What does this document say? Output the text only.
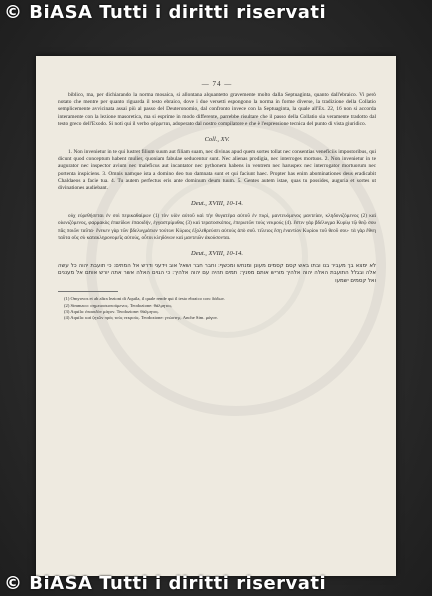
— 74 —

biblico, ma, per dichiarando la norma mosaica, si allontana alquantetto gravemente molto dalla Septuaginta, quanto dall'ebraico. Vi però notato che mentre per quanto riguarda il testo ebraico, dove i due versetti espongono la norma in forme diverse, la tradizione della Collatio semplicemente avvicinata assai più al passo del Deuteronomio, dal confronto invece con la Septuaginta, la quale all'Ex. 22, 16 non si accorda interamente con la lezione masoretica, ma si esprime in modo differente, parrebbe risultare che il passo della Collatio sia veramente tradotto dal testo greco dell'Exodo. Si noti qui il verbo φέρρεται, adoperato dal nostro compilatore e che è l'espressione tecnica del punto di vista giuridico.

Coll., XV.

1. Non invenietur in te qui lustret filium suum aut filiam suam, nec divinas apud quem sortes tollat nec consentias veneficiis impostoribus, qui dicunt quod conceptum habent mulier, quoniam fabulae seducentur sunt. Nec alienas prodigia, nec interroges mortuos. 2. Non invenietur in te augurator nec inspector avium nec maleficus aut incantator nec pythonem habens in ventrem nec haruspex nec interrogator mortuorum nec portenta inspiciens. 3. Omnis namque ista a domino deo tuo damnata sunt et qui faciunt haec. Propter has enim abominationes deus eradicabit Chaldaeos a facie tua. 4. Tu autem perfectus eris ante dominum deum tuum. 5. Gentes autem istae, quas tu possides, auguria et sortes ut divinationes audiebant.

Deut., XVIII, 10-14.

οὐχ εὑρεθήσεται ἐν σοὶ περικαθαίρων (1) τὸν υἱὸν αὐτοῦ καὶ τὴν θυγατέρα αὐτοῦ ἐν πυρί, μαντευόμενος μαντείαν, κληδονιζόμενος (2) καὶ οἰωνιζόμενος, φαρμακὸς ἐπαείδων ἐπαοιδήν, ἐγγαστρίμυθος (3) καὶ τερατοσκόπος, ἐπερωτῶν τοὺς νεκρούς (4). ἔστιν γὰρ βδέλυγμα Κυρίῳ τῷ θεῷ σου πᾶς ποιῶν ταῦτα· ἕνεκεν γὰρ τῶν βδελυγμάτων τούτων Κύριος ἐξολεθρεύσει αὐτοὺς ἀπὸ σοῦ. τέλειος ἔσῃ ἐναντίον Κυρίου τοῦ θεοῦ σου· τὰ γὰρ ἔθνη ταῦτα οὓς σὺ κατακληρονομεῖς αὐτούς, οὗτοι κληδόνων καὶ μαντειῶν ἀκούσονται.

Deut., XVIII, 10-14.

לא ימצא בך מעביר בנו ובתו באש קסם קסמים מעונן ומנחש ומכשף: וחבר חבר ושאל אוב וידעני ודרש אל המתים: כי תועבת יהוה כל עשה אלה ובגלל התועבת האלה יהוה אלהיך מוריש אותם מפניך: תמים תהיה עם יהוה אלהיך: כי הגוים האלה אשר אתה יורש אותם אל מעננים ואל קסמים ישמעו

(1) Omyovos et ab altra lezioni di Aquila, il quale rende qui il testo ebraico con: δάδων.

(2) Simmaco: σημειοσκοπούμενος. Teodozione: θάλμητος.

(3) Aquila: ἐπαοιδὸν μάγον. Teodozione: θάλμητος.

(4) Aquila: καὶ ζητῶν πρὸς τοὺς νεκρούς. Teodozione: γνώστης. Anche Sim. μάγον.

© BiASA Tutti i diritti riservati
© BiASA Tutti i diritti riservati
